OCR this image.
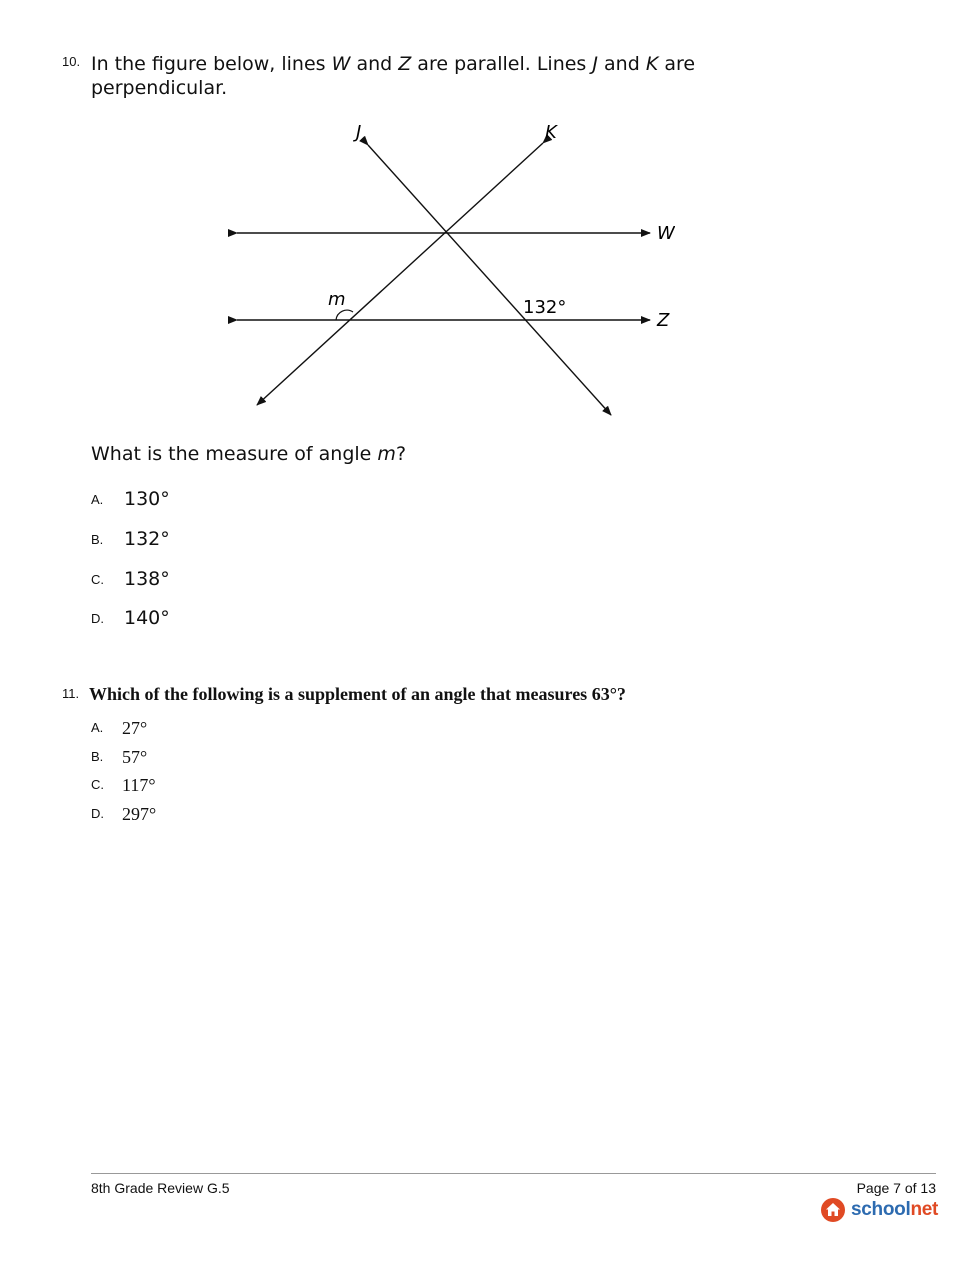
10. In the figure below, lines W and Z are parallel. Lines J and K are perpendicular.
J	K
W
Z
m	132°
What is the measure of angle m?
A. 130°
B. 132°
C. 138°
D. 140°
11. Which of the following is a supplement of an angle that measures 63°?
A. 27°
B. 57°
C. 117°
D. 297°
8th Grade Review G.5	Page 7 of 13
schoolnet
